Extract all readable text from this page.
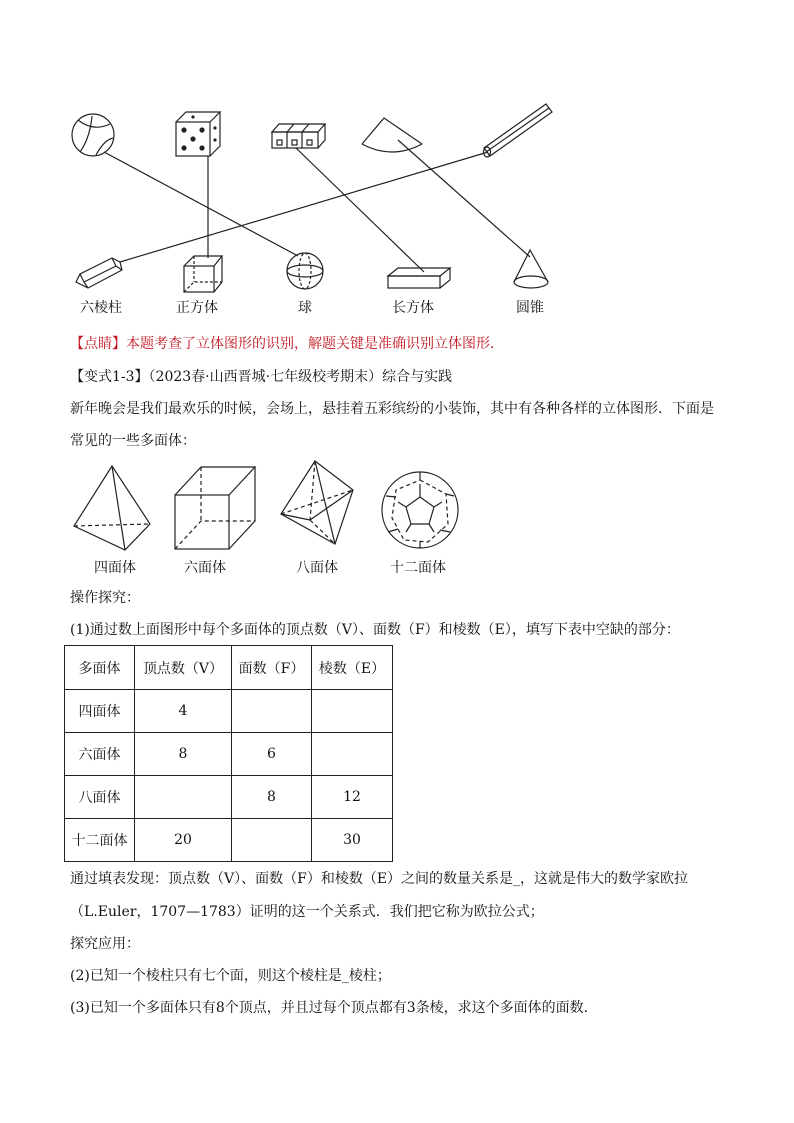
六棱柱	正方体	球	长方体	圆锥
【点睛】本题考查了立体图形的识别，解题关键是准确识别立体图形．
【变式1-3】（2023春·山西晋城·七年级校考期末）综合与实践
新年晚会是我们最欢乐的时候，会场上，悬挂着五彩缤纷的小装饰，其中有各种各样的立体图形．下面是
常见的一些多面体：
四面体	六面体	八面体	十二面体
操作探究：
(1)通过数上面图形中每个多面体的顶点数（V）、面数（F）和棱数（E），填写下表中空缺的部分：
多面体	顶点数（V）	面数（F）	棱数（E）
四面体	4		
六面体	8	6	
八面体		8	12
十二面体	20		30
通过填表发现：顶点数（V）、面数（F）和棱数（E）之间的数量关系是_，这就是伟大的数学家欧拉
（L.Euler，1707—1783）证明的这一个关系式．我们把它称为欧拉公式；
探究应用：
(2)已知一个棱柱只有七个面，则这个棱柱是_棱柱；
(3)已知一个多面体只有8个顶点，并且过每个顶点都有3条棱，求这个多面体的面数．
